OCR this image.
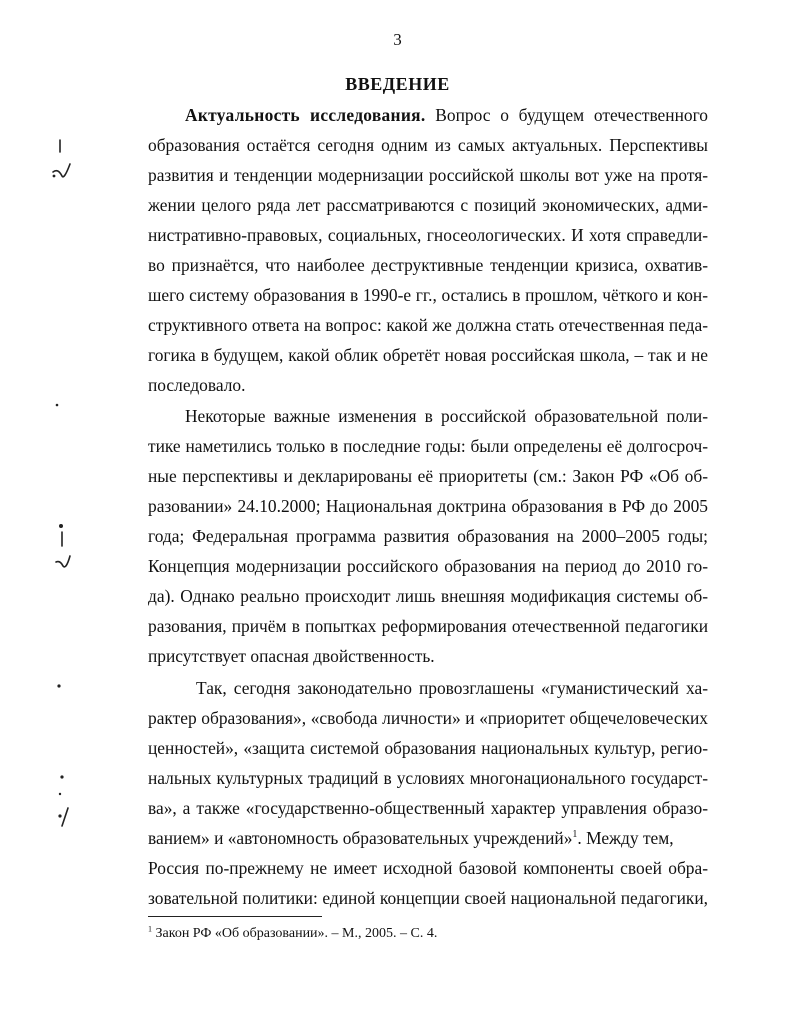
3
ВВЕДЕНИЕ
Актуальность исследования. Вопрос о будущем отечественного
образования остаётся сегодня одним из самых актуальных. Перспективы
развития и тенденции модернизации российской школы вот уже на протя-
жении целого ряда лет рассматриваются с позиций экономических, адми-
нистративно-правовых, социальных, гносеологических. И хотя справедли-
во признаётся, что наиболее деструктивные тенденции кризиса, охватив-
шего систему образования в 1990-е гг., остались в прошлом, чёткого и кон-
структивного ответа на вопрос: какой же должна стать отечественная педа-
гогика в будущем, какой облик обретёт новая российская школа, – так и не
последовало.
Некоторые важные изменения в российской образовательной поли-
тике наметились только в последние годы: были определены её долгосроч-
ные перспективы и декларированы её приоритеты (см.: Закон РФ «Об об-
разовании» 24.10.2000; Национальная доктрина образования в РФ до 2005
года; Федеральная программа развития образования на 2000–2005 годы;
Концепция модернизации российского образования на период до 2010 го-
да). Однако реально происходит лишь внешняя модификация системы об-
разования, причём в попытках реформирования отечественной педагогики
присутствует опасная двойственность.
Так, сегодня законодательно провозглашены «гуманистический ха-
рактер образования», «свобода личности» и «приоритет общечеловеческих
ценностей», «защита системой образования национальных культур, регио-
нальных культурных традиций в условиях многонационального государст-
ва», а также «государственно-общественный характер управления образо-
ванием» и «автономность образовательных учреждений»$^1$. Между тем,
Россия по-прежнему не имеет исходной базовой компоненты своей обра-
зовательной политики: единой концепции своей национальной педагогики,
$^1$ Закон РФ «Об образовании». – М., 2005. – С. 4.
